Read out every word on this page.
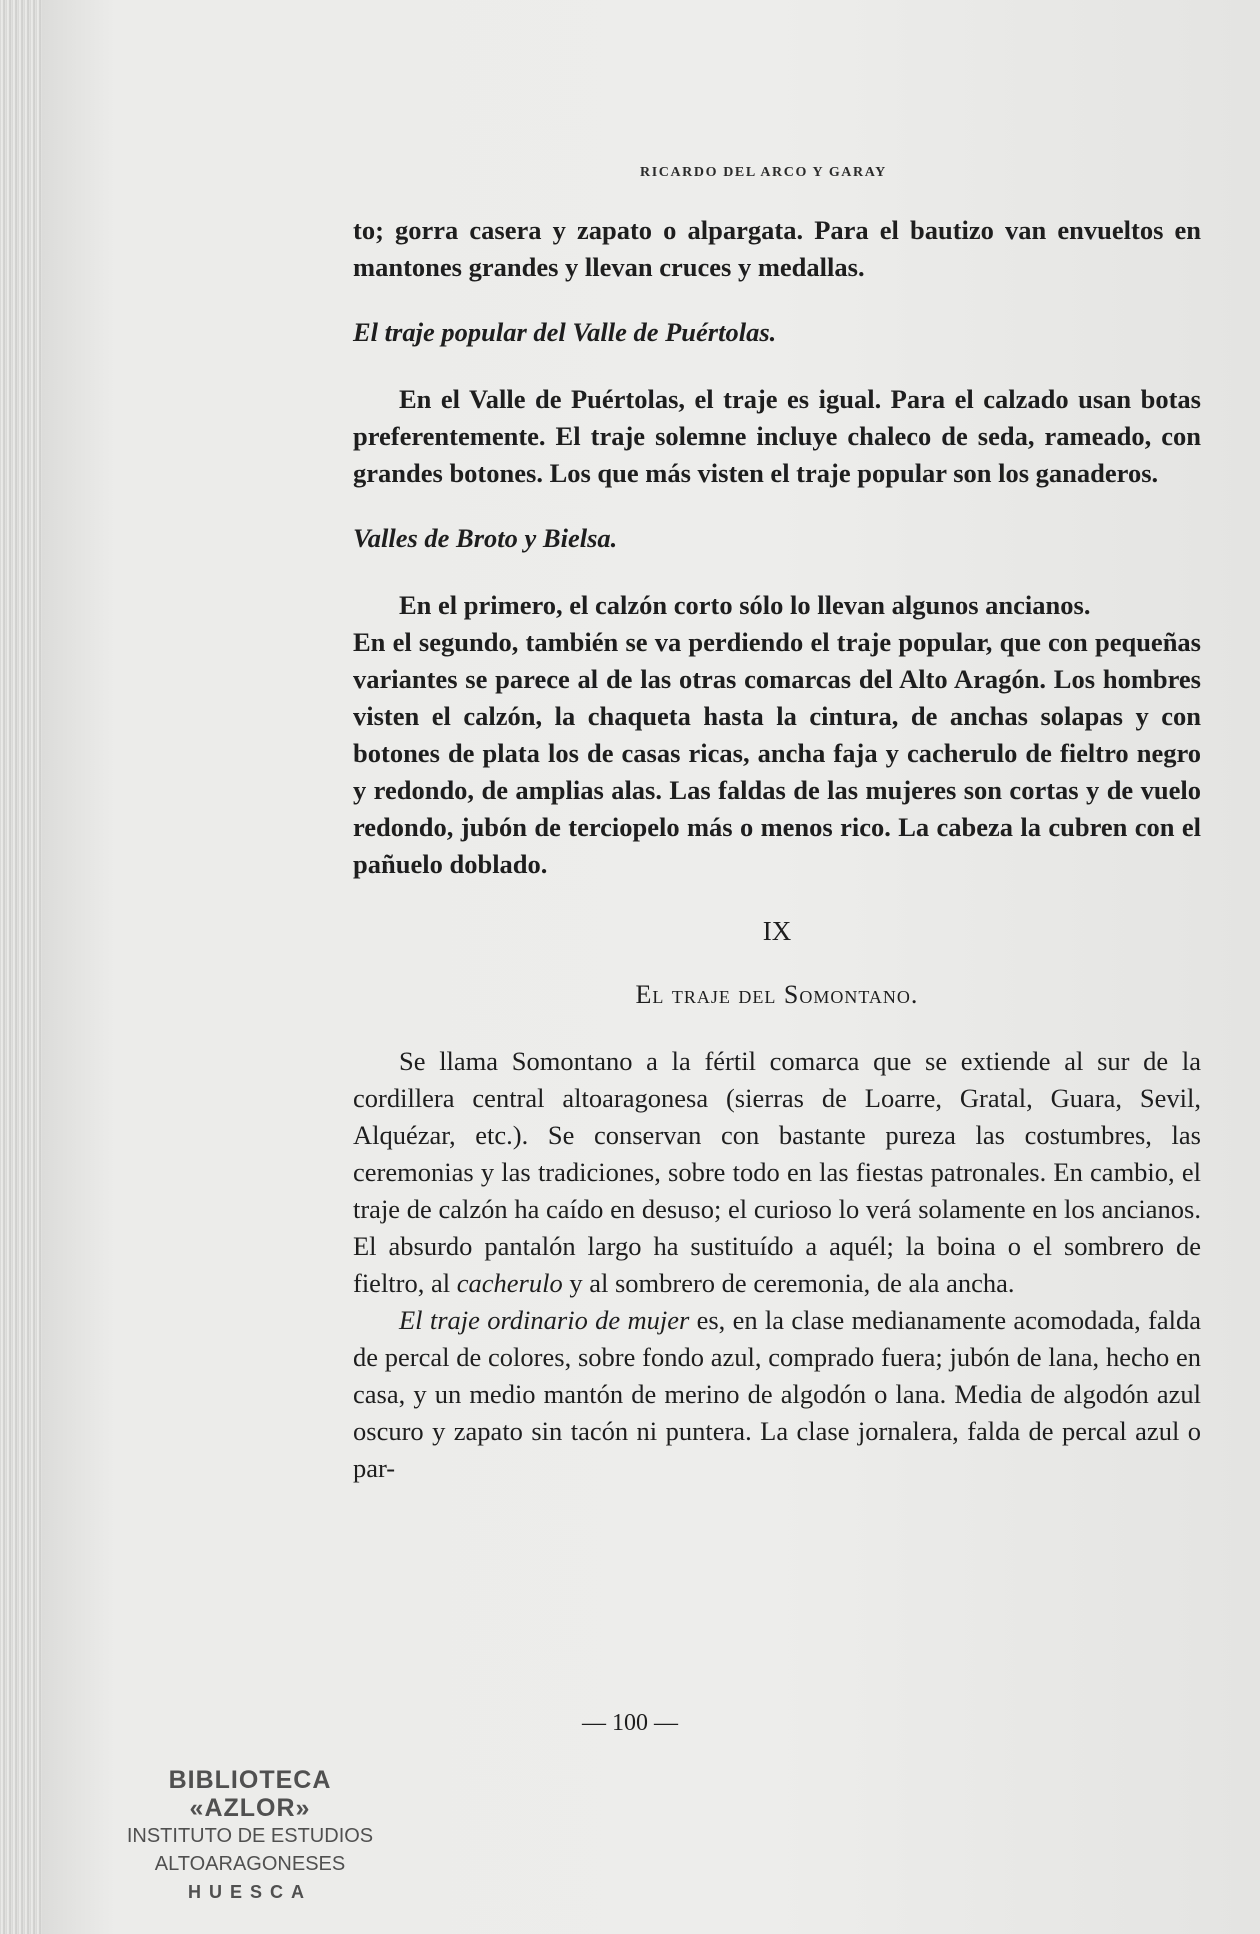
RICARDO DEL ARCO Y GARAY

to; gorra casera y zapato o alpargata. Para el bautizo van envueltos en mantones grandes y llevan cruces y medallas.

El traje popular del Valle de Puértolas.

En el Valle de Puértolas, el traje es igual. Para el calzado usan botas preferentemente. El traje solemne incluye chaleco de seda, rameado, con grandes botones. Los que más visten el traje popular son los ganaderos.

Valles de Broto y Bielsa.

En el primero, el calzón corto sólo lo llevan algunos ancianos.

En el segundo, también se va perdiendo el traje popular, que con pequeñas variantes se parece al de las otras comarcas del Alto Aragón. Los hombres visten el calzón, la chaqueta hasta la cintura, de anchas solapas y con botones de plata los de casas ricas, ancha faja y cacherulo de fieltro negro y redondo, de amplias alas. Las faldas de las mujeres son cortas y de vuelo redondo, jubón de terciopelo más o menos rico. La cabeza la cubren con el pañuelo doblado.

IX

El traje del Somontano.

Se llama Somontano a la fértil comarca que se extiende al sur de la cordillera central altoaragonesa (sierras de Loarre, Gratal, Guara, Sevil, Alquézar, etc.). Se conservan con bastante pureza las costumbres, las ceremonias y las tradiciones, sobre todo en las fiestas patronales. En cambio, el traje de calzón ha caído en desuso; el curioso lo verá solamente en los ancianos. El absurdo pantalón largo ha sustituído a aquél; la boina o el sombrero de fieltro, al cacherulo y al sombrero de ceremonia, de ala ancha.

El traje ordinario de mujer es, en la clase medianamente acomodada, falda de percal de colores, sobre fondo azul, comprado fuera; jubón de lana, hecho en casa, y un medio mantón de merino de algodón o lana. Media de algodón azul oscuro y zapato sin tacón ni puntera. La clase jornalera, falda de percal azul o par-

— 100 —
BIBLIOTECA «AZLOR»
INSTITUTO DE ESTUDIOS
ALTOARAGONESES
HUESCA
